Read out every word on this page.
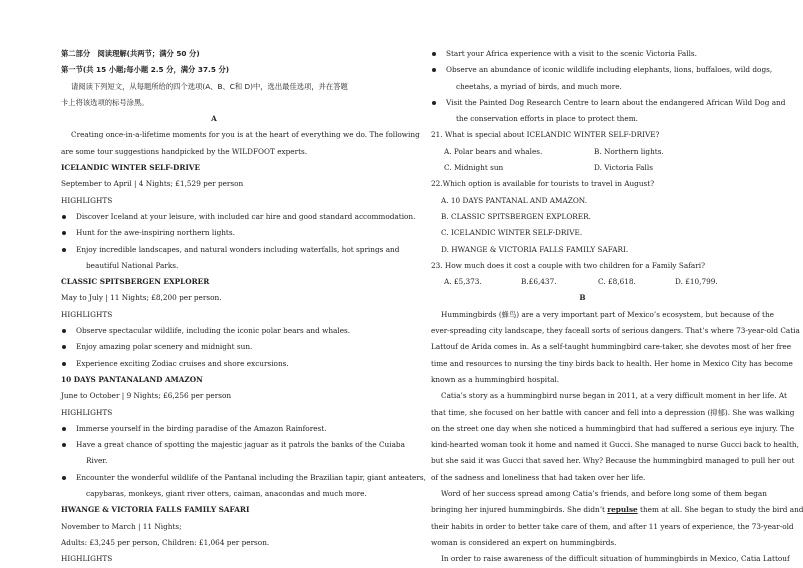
第二部分　阅读理解(共两节；满分 50 分)
第一节(共 15 小题;每小题 2.5 分，满分 37.5 分)
请阅读下列短文，从每题所给的四个选项(A、B、C和 D)中，选出最佳选项，并在答题
卡上将该选项的标号涂黑。
A
Creating once-in-a-lifetime moments for you is at the heart of everything we do. The following
are some tour suggestions handpicked by the WILDFOOT experts.
ICELANDIC WINTER SELF-DRIVE
September to April | 4 Nights; £1,529 per person
HIGHLIGHTS
Discover Iceland at your leisure, with included car hire and good standard accommodation.
Hunt for the awe-inspiring northern lights.
Enjoy incredible landscapes, and natural wonders including waterfalls, hot springs and
beautiful National Parks.
CLASSIC SPITSBERGEN EXPLORER
May to July | 11 Nights; £8,200 per person.
HIGHLIGHTS
Observe spectacular wildlife, including the iconic polar bears and whales.
Enjoy amazing polar scenery and midnight sun.
Experience exciting Zodiac cruises and shore excursions.
10 DAYS PANTANALAND AMAZON
June to October | 9 Nights; £6,256 per person
HIGHLIGHTS
Immerse yourself in the birding paradise of the Amazon Rainforest.
Have a great chance of spotting the majestic jaguar as it patrols the banks of the Cuiaba
River.
Encounter the wonderful wildlife of the Pantanal including the Brazilian tapir, giant anteaters,
capybaras, monkeys, giant river otters, caiman, anacondas and much more.
HWANGE & VICTORIA FALLS FAMILY SAFARI
November to March | 11 Nights;
Adults: £3,245 per person, Children: £1,064 per person.
HIGHLIGHTS
Start your Africa experience with a visit to the scenic Victoria Falls.
Observe an abundance of iconic wildlife including elephants, lions, buffaloes, wild dogs,
cheetahs, a myriad of birds, and much more.
Visit the Painted Dog Research Centre to learn about the endangered African Wild Dog and
the conservation efforts in place to protect them.
21. What is special about ICELANDIC WINTER SELF-DRIVE?
A. Polar bears and whales.	B. Northern lights.
C. Midnight sun	D. Victoria Falls
22.Which option is available for tourists to travel in August?
A. 10 DAYS PANTANAL AND AMAZON.
B. CLASSIC SPITSBERGEN EXPLORER.
C. ICELANDIC WINTER SELF-DRIVE.
D. HWANGE & VICTORIA FALLS FAMILY SAFARI.
23. How much does it cost a couple with two children for a Family Safari?
A. £5,373.	B.£6,437.	C. £8,618.	D. £10,799.
B
Hummingbirds (蜂鸟) are a very important part of Mexico’s ecosystem, but because of the
ever-spreading city landscape, they faceall sorts of serious dangers. That’s where 73-year-old Catia
Lattouf de Arida comes in. As a self-taught hummingbird care-taker, she devotes most of her free
time and resources to nursing the tiny birds back to health. Her home in Mexico City has become
known as a hummingbird hospital.
Catia’s story as a hummingbird nurse began in 2011, at a very difficult moment in her life. At
that time, she focused on her battle with cancer and fell into a depression (抑郁). She was walking
on the street one day when she noticed a hummingbird that had suffered a serious eye injury. The
kind-hearted woman took it home and named it Gucci. She managed to nurse Gucci back to health,
but she said it was Gucci that saved her. Why? Because the hummingbird managed to pull her out
of the sadness and loneliness that had taken over her life.
Word of her success spread among Catia’s friends, and before long some of them began
bringing her injured hummingbirds. She didn’t repulse them at all. She began to study the bird and
their habits in order to better take care of them, and after 11 years of experience, the 73-year-old
woman is considered an expert on hummingbirds.
In order to raise awareness of the difficult situation of hummingbirds in Mexico, Catia Lattouf
